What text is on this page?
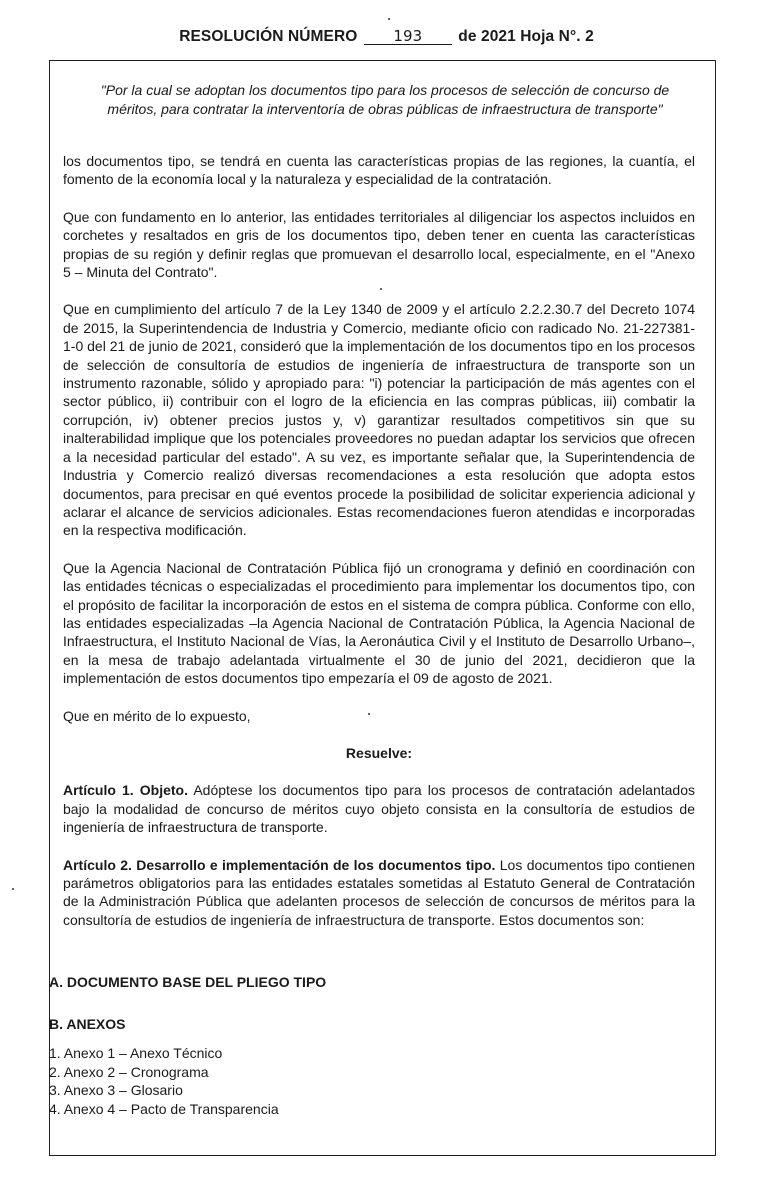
RESOLUCIÓN NÚMERO 193 de 2021 Hoja N°. 2
"Por la cual se adoptan los documentos tipo para los procesos de selección de concurso de méritos, para contratar la interventoría de obras públicas de infraestructura de transporte"

los documentos tipo, se tendrá en cuenta las características propias de las regiones, la cuantía, el fomento de la economía local y la naturaleza y especialidad de la contratación.

Que con fundamento en lo anterior, las entidades territoriales al diligenciar los aspectos incluidos en corchetes y resaltados en gris de los documentos tipo, deben tener en cuenta las características propias de su región y definir reglas que promuevan el desarrollo local, especialmente, en el "Anexo 5 – Minuta del Contrato".

Que en cumplimiento del artículo 7 de la Ley 1340 de 2009 y el artículo 2.2.2.30.7 del Decreto 1074 de 2015, la Superintendencia de Industria y Comercio, mediante oficio con radicado No. 21-227381-1-0 del 21 de junio de 2021, consideró que la implementación de los documentos tipo en los procesos de selección de consultoría de estudios de ingeniería de infraestructura de transporte son un instrumento razonable, sólido y apropiado para: "i) potenciar la participación de más agentes con el sector público, ii) contribuir con el logro de la eficiencia en las compras públicas, iii) combatir la corrupción, iv) obtener precios justos y, v) garantizar resultados competitivos sin que su inalterabilidad implique que los potenciales proveedores no puedan adaptar los servicios que ofrecen a la necesidad particular del estado". A su vez, es importante señalar que, la Superintendencia de Industria y Comercio realizó diversas recomendaciones a esta resolución que adopta estos documentos, para precisar en qué eventos procede la posibilidad de solicitar experiencia adicional y aclarar el alcance de servicios adicionales. Estas recomendaciones fueron atendidas e incorporadas en la respectiva modificación.

Que la Agencia Nacional de Contratación Pública fijó un cronograma y definió en coordinación con las entidades técnicas o especializadas el procedimiento para implementar los documentos tipo, con el propósito de facilitar la incorporación de estos en el sistema de compra pública. Conforme con ello, las entidades especializadas –la Agencia Nacional de Contratación Pública, la Agencia Nacional de Infraestructura, el Instituto Nacional de Vías, la Aeronáutica Civil y el Instituto de Desarrollo Urbano–, en la mesa de trabajo adelantada virtualmente el 30 de junio del 2021, decidieron que la implementación de estos documentos tipo empezaría el 09 de agosto de 2021.

Que en mérito de lo expuesto,

Resuelve:

Artículo 1. Objeto. Adóptese los documentos tipo para los procesos de contratación adelantados bajo la modalidad de concurso de méritos cuyo objeto consista en la consultoría de estudios de ingeniería de infraestructura de transporte.

Artículo 2. Desarrollo e implementación de los documentos tipo. Los documentos tipo contienen parámetros obligatorios para las entidades estatales sometidas al Estatuto General de Contratación de la Administración Pública que adelanten procesos de selección de concursos de méritos para la consultoría de estudios de ingeniería de infraestructura de transporte. Estos documentos son:

A. DOCUMENTO BASE DEL PLIEGO TIPO
B. ANEXOS
1. Anexo 1 – Anexo Técnico
2. Anexo 2 – Cronograma
3. Anexo 3 – Glosario
4. Anexo 4 – Pacto de Transparencia
